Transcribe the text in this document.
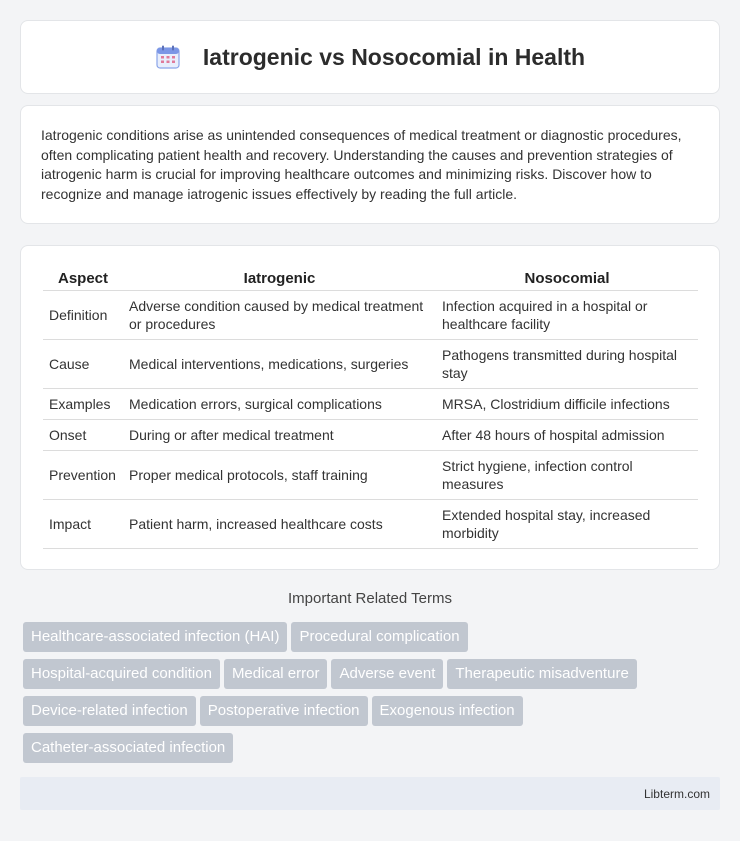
Iatrogenic vs Nosocomial in Health

Iatrogenic conditions arise as unintended consequences of medical treatment or diagnostic procedures, often complicating patient health and recovery. Understanding the causes and prevention strategies of iatrogenic harm is crucial for improving healthcare outcomes and minimizing risks. Discover how to recognize and manage iatrogenic issues effectively by reading the full article.

Aspect	Iatrogenic	Nosocomial
Definition	Adverse condition caused by medical treatment or procedures	Infection acquired in a hospital or healthcare facility
Cause	Medical interventions, medications, surgeries	Pathogens transmitted during hospital stay
Examples	Medication errors, surgical complications	MRSA, Clostridium difficile infections
Onset	During or after medical treatment	After 48 hours of hospital admission
Prevention	Proper medical protocols, staff training	Strict hygiene, infection control measures
Impact	Patient harm, increased healthcare costs	Extended hospital stay, increased morbidity
Important Related Terms
Healthcare-associated infection (HAI) Procedural complication
Hospital-acquired condition Medical error Adverse event Therapeutic misadventure
Device-related infection Postoperative infection Exogenous infection
Catheter-associated infection
Libterm.com
